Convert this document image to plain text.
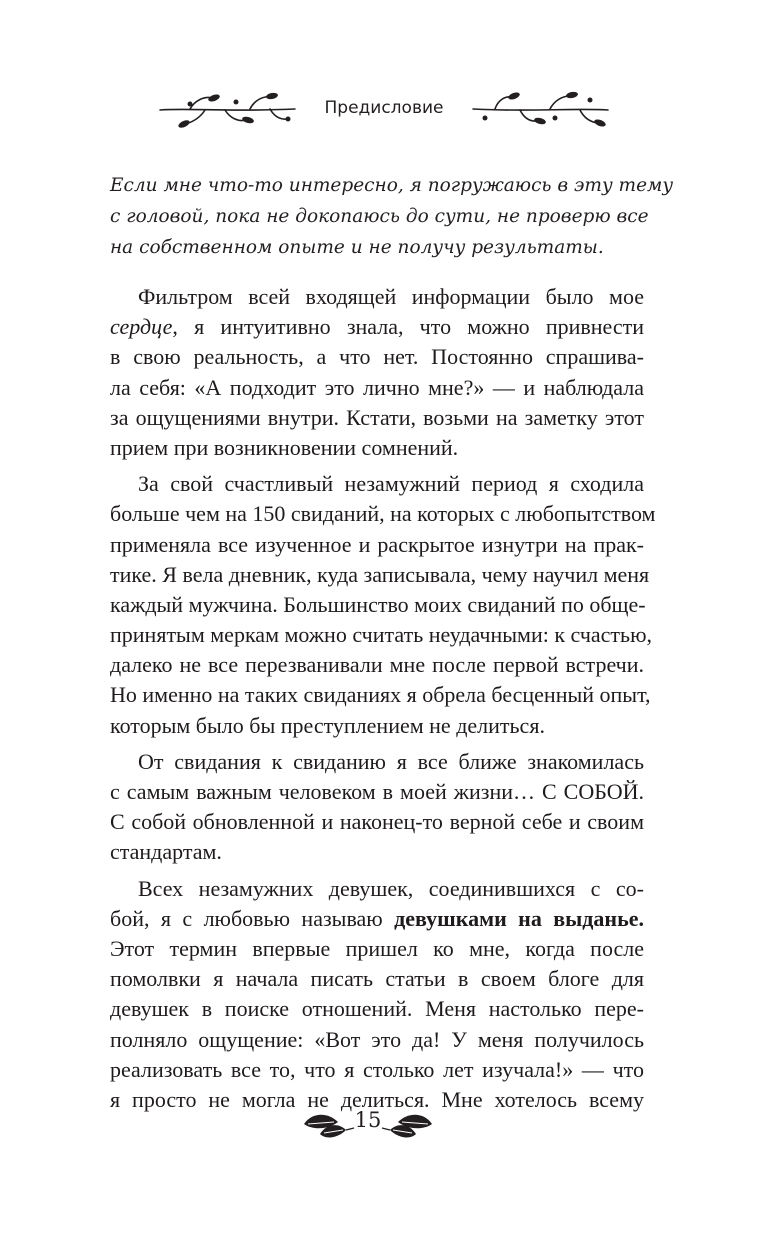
Предисловие
Если мне что-то интересно, я погружаюсь в эту тему
с головой, пока не докопаюсь до сути, не проверю все
на собственном опыте и не получу результаты.
Фильтром всей входящей информации было мое
сердце, я интуитивно знала, что можно привнести
в свою реальность, а что нет. Постоянно спрашива-
ла себя: «А подходит это лично мне?» — и наблюдала
за ощущениями внутри. Кстати, возьми на заметку этот
прием при возникновении сомнений.
За свой счастливый незамужний период я сходила
больше чем на 150 свиданий, на которых с любопытством
применяла все изученное и раскрытое изнутри на прак-
тике. Я вела дневник, куда записывала, чему научил меня
каждый мужчина. Большинство моих свиданий по обще-
принятым меркам можно считать неудачными: к счастью,
далеко не все перезванивали мне после первой встречи.
Но именно на таких свиданиях я обрела бесценный опыт,
которым было бы преступлением не делиться.
От свидания к свиданию я все ближе знакомилась
с самым важным человеком в моей жизни… С СОБОЙ.
С собой обновленной и наконец-то верной себе и своим
стандартам.
Всех незамужних девушек, соединившихся с со-
бой, я с любовью называю девушками на выданье.
Этот термин впервые пришел ко мне, когда после
помолвки я начала писать статьи в своем блоге для
девушек в поиске отношений. Меня настолько пере-
полняло ощущение: «Вот это да! У меня получилось
реализовать все то, что я столько лет изучала!» — что
я просто не могла не делиться. Мне хотелось всему
15
